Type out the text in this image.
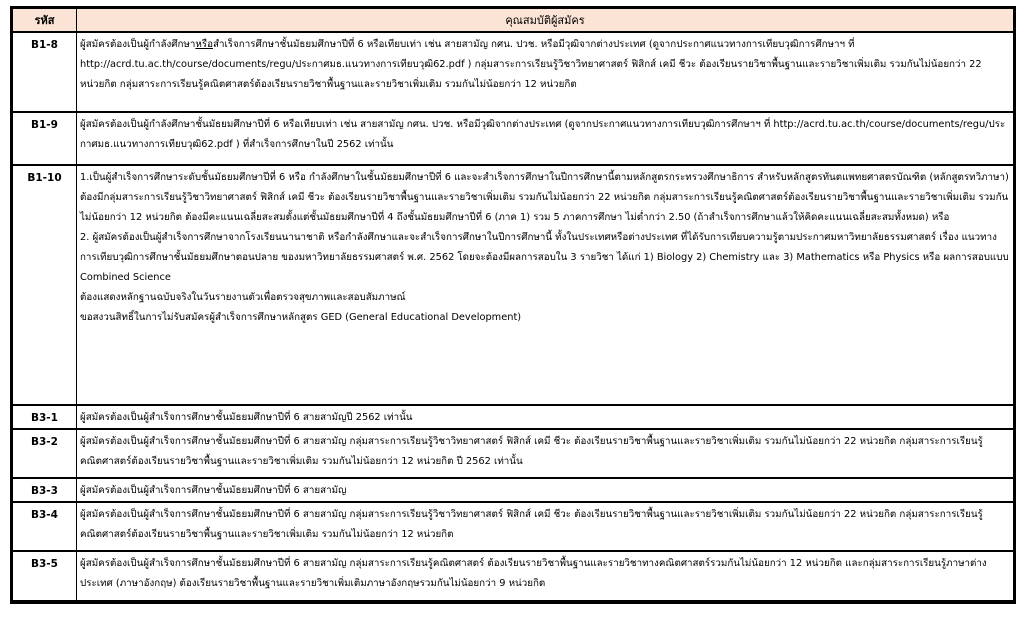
รหัส	คุณสมบัติผู้สมัคร
B1-8	ผู้สมัครต้องเป็นผู้กำลังศึกษาหรือสำเร็จการศึกษาชั้นมัธยมศึกษาปีที่ 6 หรือเทียบเท่า เช่น สายสามัญ กศน. ปวช. หรือมีวุฒิจากต่างประเทศ (ดูจากประกาศแนวทางการเทียบวุฒิการศึกษาฯ ที่ http://acrd.tu.ac.th/course/documents/regu/ประกาศมธ.แนวทางการเทียบวุฒิ62.pdf ) กลุ่มสาระการเรียนรู้วิชาวิทยาศาสตร์ ฟิสิกส์ เคมี ชีวะ ต้องเรียนรายวิชาพื้นฐานและรายวิชาเพิ่มเติม รวมกันไม่น้อยกว่า 22 หน่วยกิต กลุ่มสาระการเรียนรู้คณิตศาสตร์ต้องเรียนรายวิชาพื้นฐานและรายวิชาเพิ่มเติม รวมกันไม่น้อยกว่า 12 หน่วยกิต
B1-9	ผู้สมัครต้องเป็นผู้กำลังศึกษาชั้นมัธยมศึกษาปีที่ 6 หรือเทียบเท่า เช่น สายสามัญ กศน. ปวช. หรือมีวุฒิจากต่างประเทศ (ดูจากประกาศแนวทางการเทียบวุฒิการศึกษาฯ ที่ http://acrd.tu.ac.th/course/documents/regu/ประกาศมธ.แนวทางการเทียบวุฒิ62.pdf ) ที่สำเร็จการศึกษาในปี 2562 เท่านั้น
B1-10	1.เป็นผู้สำเร็จการศึกษาระดับชั้นมัธยมศึกษาปีที่ 6 หรือ กำลังศึกษาในชั้นมัธยมศึกษาปีที่ 6 และจะสำเร็จการศึกษาในปีการศึกษานี้ตามหลักสูตรกระทรวงศึกษาธิการ สำหรับหลักสูตรทันตแพทยศาสตรบัณฑิต (หลักสูตรทวิภาษา) ต้องมีกลุ่มสาระการเรียนรู้วิชาวิทยาศาสตร์ ฟิสิกส์ เคมี ชีวะ ต้องเรียนรายวิชาพื้นฐานและรายวิชาเพิ่มเติม รวมกันไม่น้อยกว่า 22 หน่วยกิต กลุ่มสาระการเรียนรู้คณิตศาสตร์ต้องเรียนรายวิชาพื้นฐานและรายวิชาเพิ่มเติม รวมกันไม่น้อยกว่า 12 หน่วยกิต ต้องมีคะแนนเฉลี่ยสะสมตั้งแต่ชั้นมัธยมศึกษาปีที่ 4 ถึงชั้นมัธยมศึกษาปีที่ 6 (ภาค 1) รวม 5 ภาคการศึกษา ไม่ต่ำกว่า 2.50 (ถ้าสำเร็จการศึกษาแล้วให้คิดคะแนนเฉลี่ยสะสมทั้งหมด) หรือ
2. ผู้สมัครต้องเป็นผู้สำเร็จการศึกษาจากโรงเรียนนานาชาติ หรือกำลังศึกษาและจะสำเร็จการศึกษาในปีการศึกษานี้ ทั้งในประเทศหรือต่างประเทศ ที่ได้รับการเทียบความรู้ตามประกาศมหาวิทยาลัยธรรมศาสตร์ เรื่อง แนวทางการเทียบวุฒิการศึกษาชั้นมัธยมศึกษาตอนปลาย ของมหาวิทยาลัยธรรมศาสตร์ พ.ศ. 2562 โดยจะต้องมีผลการสอบใน 3 รายวิชา ได้แก่ 1) Biology 2) Chemistry และ 3) Mathematics หรือ Physics หรือ ผลการสอบแบบ Combined Science
ต้องแสดงหลักฐานฉบับจริงในวันรายงานตัวเพื่อตรวจสุขภาพและสอบสัมภาษณ์
ขอสงวนสิทธิ์ในการไม่รับสมัครผู้สำเร็จการศึกษาหลักสูตร GED (General Educational Development)

B3-1	ผู้สมัครต้องเป็นผู้สำเร็จการศึกษาชั้นมัธยมศึกษาปีที่ 6 สายสามัญปี 2562 เท่านั้น
B3-2	ผู้สมัครต้องเป็นผู้สำเร็จการศึกษาชั้นมัธยมศึกษาปีที่ 6 สายสามัญ กลุ่มสาระการเรียนรู้วิชาวิทยาศาสตร์ ฟิสิกส์ เคมี ชีวะ ต้องเรียนรายวิชาพื้นฐานและรายวิชาเพิ่มเติม รวมกันไม่น้อยกว่า 22 หน่วยกิต กลุ่มสาระการเรียนรู้คณิตศาสตร์ต้องเรียนรายวิชาพื้นฐานและรายวิชาเพิ่มเติม รวมกันไม่น้อยกว่า 12 หน่วยกิต ปี 2562 เท่านั้น
B3-3	ผู้สมัครต้องเป็นผู้สำเร็จการศึกษาชั้นมัธยมศึกษาปีที่ 6 สายสามัญ
B3-4	ผู้สมัครต้องเป็นผู้สำเร็จการศึกษาชั้นมัธยมศึกษาปีที่ 6 สายสามัญ กลุ่มสาระการเรียนรู้วิชาวิทยาศาสตร์ ฟิสิกส์ เคมี ชีวะ ต้องเรียนรายวิชาพื้นฐานและรายวิชาเพิ่มเติม รวมกันไม่น้อยกว่า 22 หน่วยกิต กลุ่มสาระการเรียนรู้คณิตศาสตร์ต้องเรียนรายวิชาพื้นฐานและรายวิชาเพิ่มเติม รวมกันไม่น้อยกว่า 12 หน่วยกิต
B3-5	ผู้สมัครต้องเป็นผู้สำเร็จการศึกษาชั้นมัธยมศึกษาปีที่ 6 สายสามัญ กลุ่มสาระการเรียนรู้คณิตศาสตร์ ต้องเรียนรายวิชาพื้นฐานและรายวิชาทางคณิตศาสตร์รวมกันไม่น้อยกว่า 12 หน่วยกิต และกลุ่มสาระการเรียนรู้ภาษาต่างประเทศ (ภาษาอังกฤษ) ต้องเรียนรายวิชาพื้นฐานและรายวิชาเพิ่มเติมภาษาอังกฤษรวมกันไม่น้อยกว่า 9 หน่วยกิต
